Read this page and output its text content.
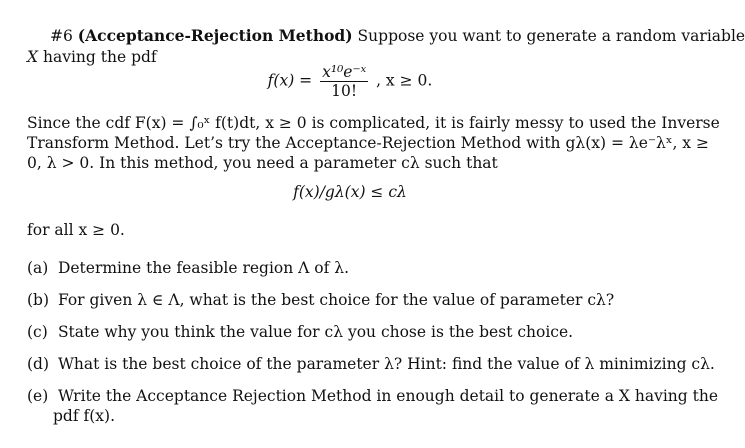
#6 (Acceptance-Rejection Method) Suppose you want to generate a random variable
X having the pdf
$f(x) = \frac{\text{x¹⁰e⁻ˣ}}{10!}$ , x ≥ 0.
Since the cdf F(x) = ∫₀ˣ f(t)dt, x ≥ 0 is complicated, it is fairly messy to used the Inverse
Transform Method. Let’s try the Acceptance-Rejection Method with gλ(x) = λe⁻λˣ, x ≥
0, λ > 0. In this method, you need a parameter cλ such that
f(x)/gλ(x) ≤ cλ
for all x ≥ 0.
(a) Determine the feasible region Λ of λ.
(b) For given λ ∈ Λ, what is the best choice for the value of parameter cλ?
(c) State why you think the value for cλ you chose is the best choice.
(d) What is the best choice of the parameter λ? Hint: find the value of λ minimizing cλ.
(e) Write the Acceptance Rejection Method in enough detail to generate a X having the
pdf f(x).
